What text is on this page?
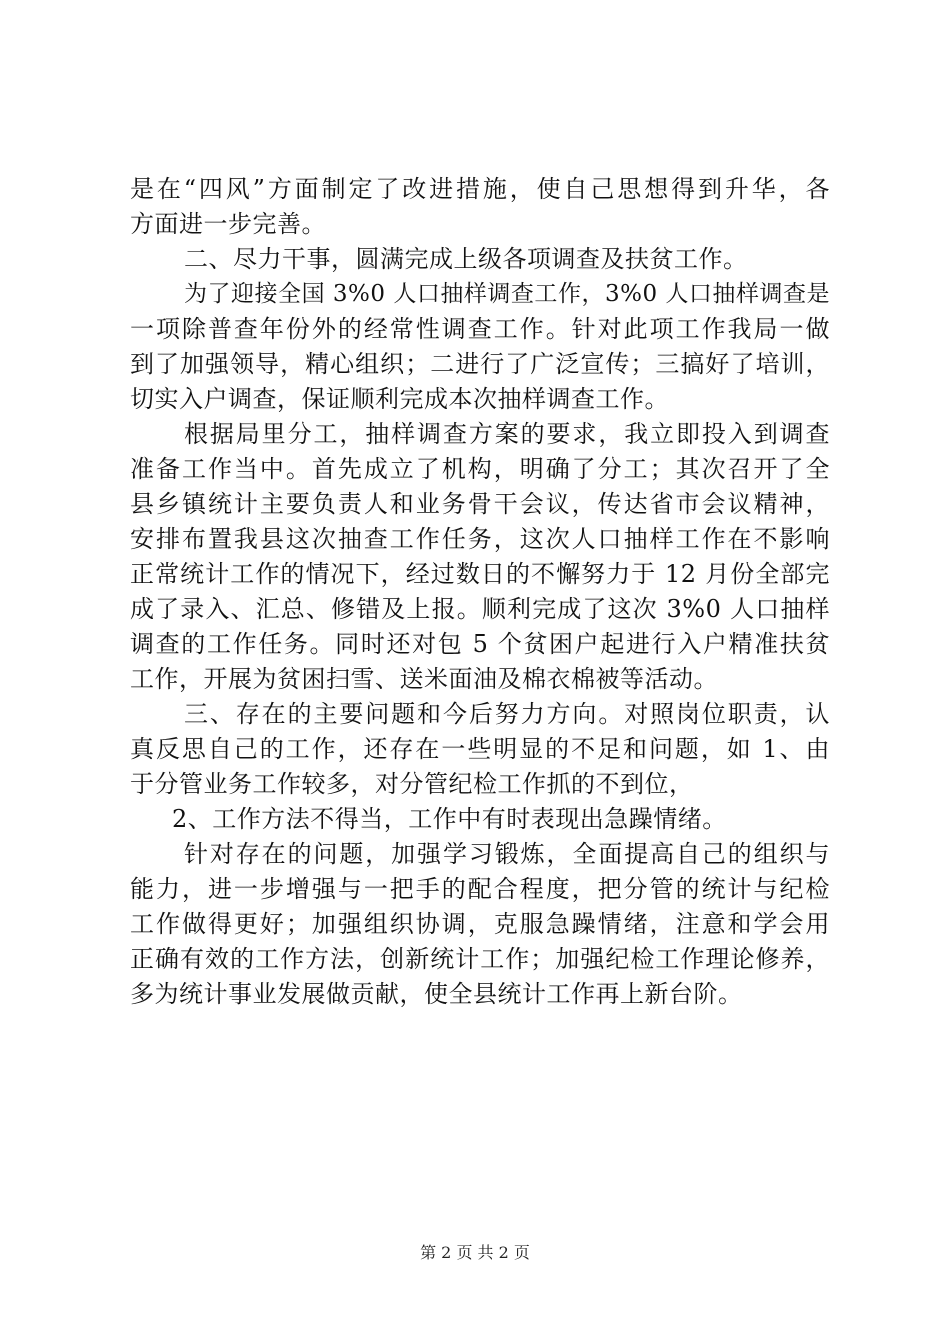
是在“四风”方面制定了改进措施，使自己思想得到升华，各
方面进一步完善。
二、尽力干事，圆满完成上级各项调查及扶贫工作。
为了迎接全国 3%0 人口抽样调查工作，3%0 人口抽样调查是
一项除普查年份外的经常性调查工作。针对此项工作我局一做
到了加强领导，精心组织；二进行了广泛宣传；三搞好了培训，
切实入户调查，保证顺利完成本次抽样调查工作。
根据局里分工，抽样调查方案的要求，我立即投入到调查
准备工作当中。首先成立了机构，明确了分工；其次召开了全
县乡镇统计主要负责人和业务骨干会议，传达省市会议精神，
安排布置我县这次抽查工作任务，这次人口抽样工作在不影响
正常统计工作的情况下，经过数日的不懈努力于 12 月份全部完
成了录入、汇总、修错及上报。顺利完成了这次 3%0 人口抽样
调查的工作任务。同时还对包 5 个贫困户起进行入户精准扶贫
工作，开展为贫困扫雪、送米面油及棉衣棉被等活动。
三、存在的主要问题和今后努力方向。对照岗位职责，认
真反思自己的工作，还存在一些明显的不足和问题，如 1、由
于分管业务工作较多，对分管纪检工作抓的不到位，
2、工作方法不得当，工作中有时表现出急躁情绪。
针对存在的问题，加强学习锻炼，全面提高自己的组织与
能力，进一步增强与一把手的配合程度，把分管的统计与纪检
工作做得更好；加强组织协调，克服急躁情绪，注意和学会用
正确有效的工作方法，创新统计工作；加强纪检工作理论修养，
多为统计事业发展做贡献，使全县统计工作再上新台阶。
第 2 页 共 2 页
